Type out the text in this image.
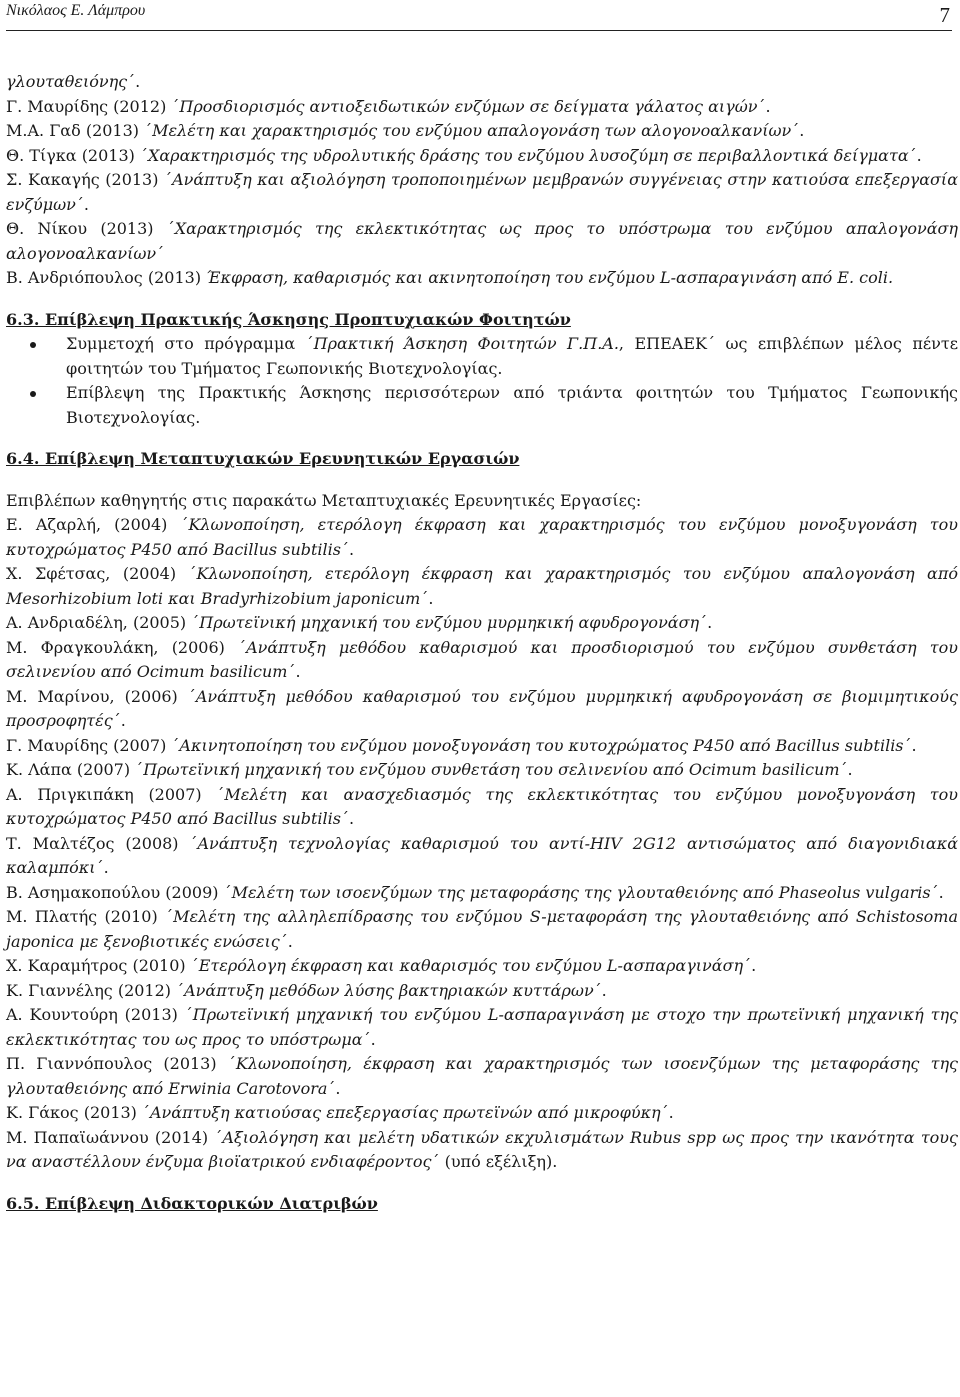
Νικόλαος Ε. Λάμπρου	7
γλουταθειόνης΄.
Γ. Μαυρίδης (2012) ΄Προσδιορισμός αντιοξειδωτικών ενζύμων σε δείγματα γάλατος αιγών΄.
Μ.Α. Γαδ (2013) ΄Μελέτη και χαρακτηρισμός του ενζύμου απαλογονάση των αλογονοαλκανίων΄.
Θ. Τίγκα (2013) ΄Χαρακτηρισμός της υδρολυτικής δράσης του ενζύμου λυσοζύμη σε περιβαλλοντικά δείγματα΄.
Σ. Κακαγής (2013) ΄Ανάπτυξη και αξιολόγηση τροποποιημένων μεμβρανών συγγένειας στην κατιούσα επεξεργασία ενζύμων΄.
Θ. Νίκου (2013) ΄Χαρακτηρισμός της εκλεκτικότητας ως προς το υπόστρωμα του ενζύμου απαλογονάση αλογονοαλκανίων΄
Β. Ανδριόπουλος (2013) Έκφραση, καθαρισμός και ακινητοποίηση του ενζύμου L-ασπαραγινάση από E. coli.
6.3. Επίβλεψη Πρακτικής Άσκησης Προπτυχιακών Φοιτητών
Συμμετοχή στο πρόγραμμα ΄Πρακτική Άσκηση Φοιτητών Γ.Π.Α., ΕΠΕΑΕΚ΄ ως επιβλέπων μέλος πέντε φοιτητών του Τμήματος Γεωπονικής Βιοτεχνολογίας.
Επίβλεψη της Πρακτικής Άσκησης περισσότερων από τριάντα φοιτητών του Τμήματος Γεωπονικής Βιοτεχνολογίας.
6.4. Επίβλεψη Μεταπτυχιακών Ερευνητικών Εργασιών
Επιβλέπων καθηγητής στις παρακάτω Μεταπτυχιακές Ερευνητικές Εργασίες:
Ε. Αζαρλή, (2004) ΄Κλωνοποίηση, ετερόλογη έκφραση και χαρακτηρισμός του ενζύμου μονοξυγονάση του κυτοχρώματος P450 από Bacillus subtilis΄.
Χ. Σφέτσας, (2004) ΄Κλωνοποίηση, ετερόλογη έκφραση και χαρακτηρισμός του ενζύμου απαλογονάση από Mesorhizobium loti και Bradyrhizobium japonicum΄.
Α. Ανδριαδέλη, (2005) ΄Πρωτεϊνική μηχανική του ενζύμου μυρμηκική αφυδρογονάση΄.
Μ. Φραγκουλάκη, (2006) ΄Ανάπτυξη μεθόδου καθαρισμού και προσδιορισμού του ενζύμου συνθετάση του σελινενίου από Ocimum basilicum΄.
Μ. Μαρίνου, (2006) ΄Ανάπτυξη μεθόδου καθαρισμού του ενζύμου μυρμηκική αφυδρογονάση σε βιομιμητικούς προσροφητές΄.
Γ. Μαυρίδης (2007) ΄Ακινητοποίηση του ενζύμου μονοξυγονάση του κυτοχρώματος P450 από Bacillus subtilis΄.
Κ. Λάπα (2007) ΄Πρωτεϊνική μηχανική του ενζύμου συνθετάση του σελινενίου από Ocimum basilicum΄.
Α. Πριγκιπάκη (2007) ΄Μελέτη και ανασχεδιασμός της εκλεκτικότητας του ενζύμου μονοξυγονάση του κυτοχρώματος P450 από Bacillus subtilis΄.
Τ. Μαλτέζος (2008) ΄Ανάπτυξη τεχνολογίας καθαρισμού του αντί-HIV 2G12 αντισώματος από διαγονιδιακά καλαμπόκι΄.
Β. Ασημακοπούλου (2009) ΄Μελέτη των ισοενζύμων της μεταφοράσης της γλουταθειόνης από Phaseolus vulgaris΄.
Μ. Πλατής (2010) ΄Μελέτη της αλληλεπίδρασης του ενζύμου S-μεταφοράση της γλουταθειόνης από Schistosoma japonica με ξενοβιοτικές ενώσεις΄.
Χ. Καραμήτρος (2010) ΄Ετερόλογη έκφραση και καθαρισμός του ενζύμου L-ασπαραγινάση΄.
Κ. Γιαννέλης (2012) ΄Ανάπτυξη μεθόδων λύσης βακτηριακών κυττάρων΄.
Α. Κουντούρη (2013) ΄Πρωτεϊνική μηχανική του ενζύμου L-ασπαραγινάση με στοχο την πρωτεϊνική μηχανική της εκλεκτικότητας του ως προς το υπόστρωμα΄.
Π. Γιαννόπουλος (2013) ΄Κλωνοποίηση, έκφραση και χαρακτηρισμός των ισοενζύμων της μεταφοράσης της γλουταθειόνης από Erwinia Carotovora΄.
Κ. Γάκος (2013) ΄Ανάπτυξη κατιούσας επεξεργασίας πρωτεϊνών από μικροφύκη΄.
Μ. Παπαϊωάννου (2014) ΄Αξιολόγηση και μελέτη υδατικών εκχυλισμάτων Rubus spp ως προς την ικανότητα τους να αναστέλλουν ένζυμα βιοϊατρικού ενδιαφέροντος΄ (υπό εξέλιξη).
6.5. Επίβλεψη Διδακτορικών Διατριβών
